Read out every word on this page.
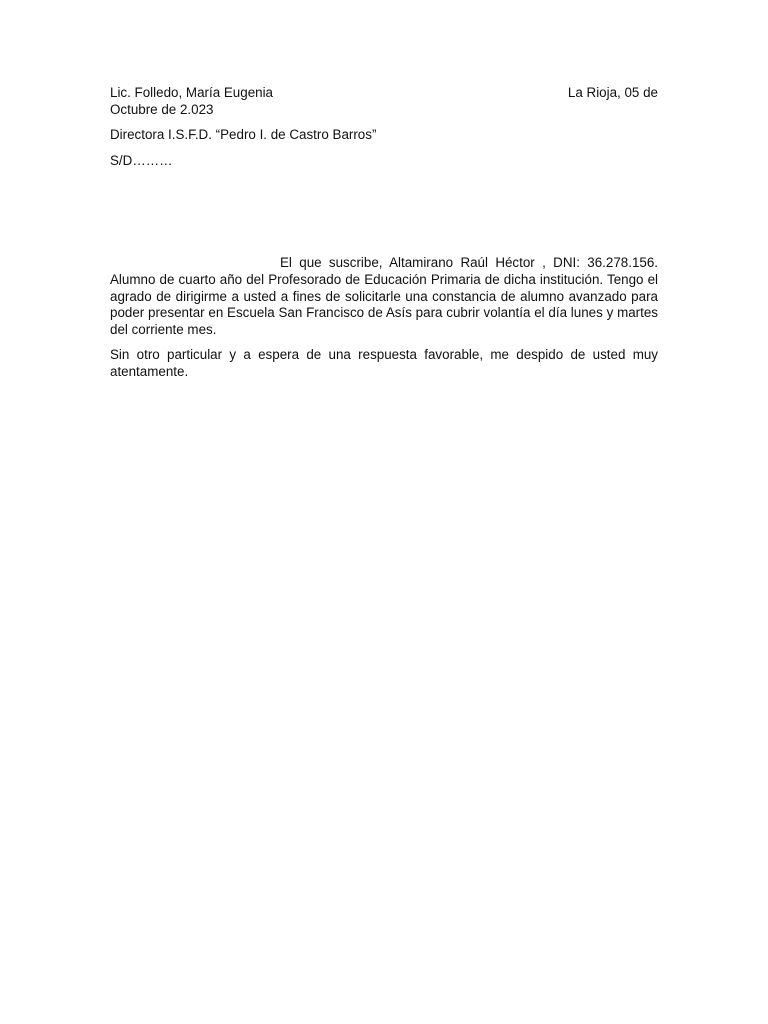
Lic. Folledo, María Eugenia	La Rioja, 05 de

Octubre de 2.023

Directora I.S.F.D. “Pedro I. de Castro Barros”

S/D………

El que suscribe, Altamirano Raúl Héctor , DNI: 36.278.156. Alumno de cuarto año del Profesorado de Educación Primaria de dicha institución. Tengo el agrado de dirigirme a usted a fines de solicitarle una constancia de alumno avanzado para poder presentar en Escuela San Francisco de Asís para cubrir volantía el día lunes y martes del corriente mes.

Sin otro particular y a espera de una respuesta favorable, me despido de usted muy atentamente.
